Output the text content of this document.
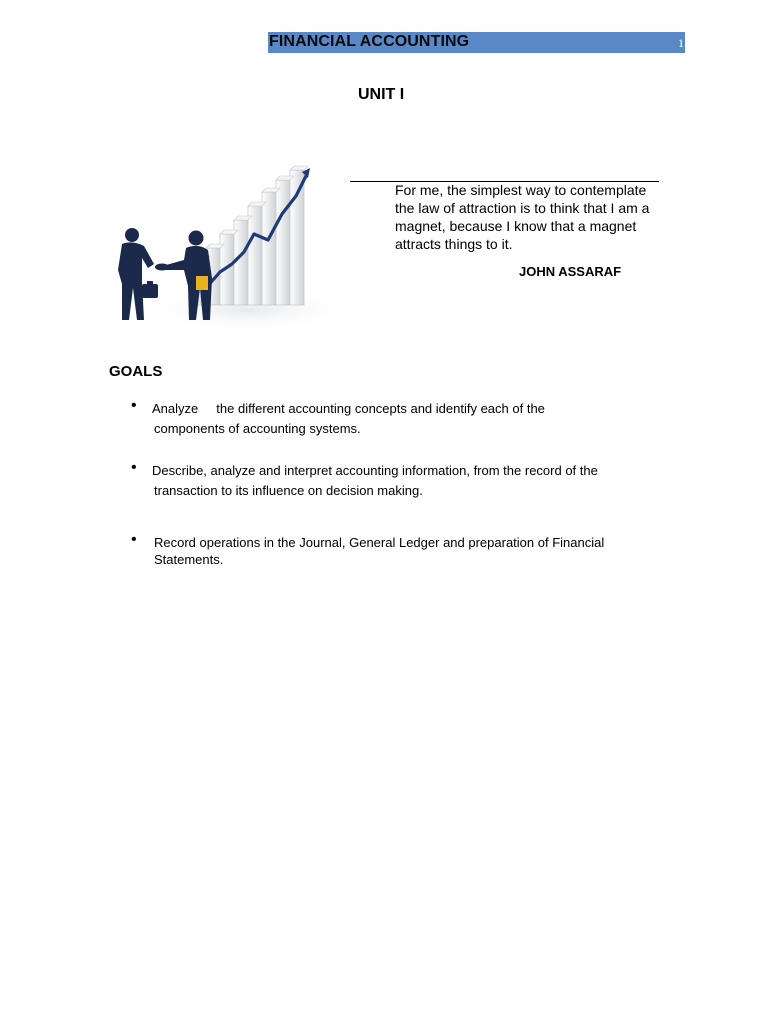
FINANCIAL ACCOUNTING	1
UNIT I
For me, the simplest way to contemplate the law of attraction is to think that I am a magnet, because I know that a magnet attracts things to it.
JOHN ASSARAF
GOALS
• Analyze     the different accounting concepts and identify each of the
components of accounting systems.
• Describe, analyze and interpret accounting information, from the record of the
transaction to its influence on decision making.
• Record operations in the Journal, General Ledger and preparation of Financial
Statements.
